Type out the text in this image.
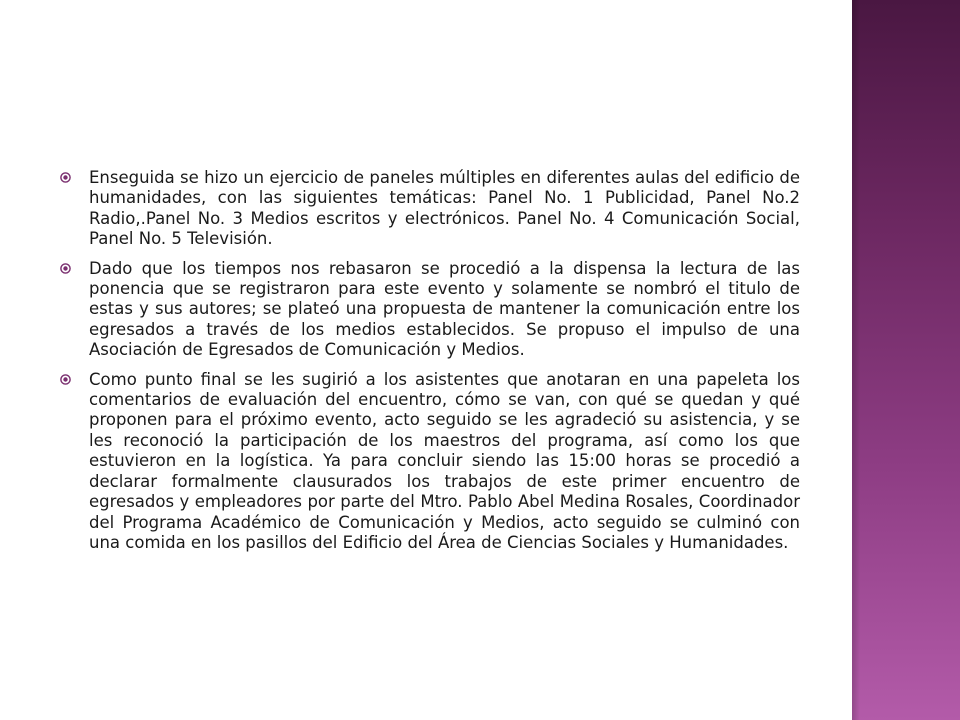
Enseguida se hizo un ejercicio de paneles múltiples en diferentes aulas del edificio de humanidades, con las siguientes temáticas: Panel No. 1 Publicidad, Panel No.2 Radio,.Panel No. 3 Medios escritos y electrónicos. Panel No. 4 Comunicación Social, Panel No. 5 Televisión.

Dado que los tiempos nos rebasaron se procedió a la dispensa la lectura de las ponencia que se registraron para este evento y solamente se nombró el titulo de estas y sus autores; se plateó una propuesta de mantener la comunicación entre los egresados a través de los medios establecidos. Se propuso el impulso de una Asociación de Egresados de Comunicación y Medios.

Como punto final se les sugirió a los asistentes que anotaran en una papeleta los comentarios de evaluación del encuentro, cómo se van, con qué se quedan y qué proponen para el próximo evento, acto seguido se les agradeció su asistencia, y se les reconoció la participación de los maestros del programa, así como los que estuvieron en la logística. Ya para concluir siendo las 15:00 horas se procedió a declarar formalmente clausurados los trabajos de este primer encuentro de egresados y empleadores por parte del Mtro. Pablo Abel Medina Rosales, Coordinador del Programa Académico de Comunicación y Medios, acto seguido se culminó con una comida en los pasillos del Edificio del Área de Ciencias Sociales y Humanidades.
